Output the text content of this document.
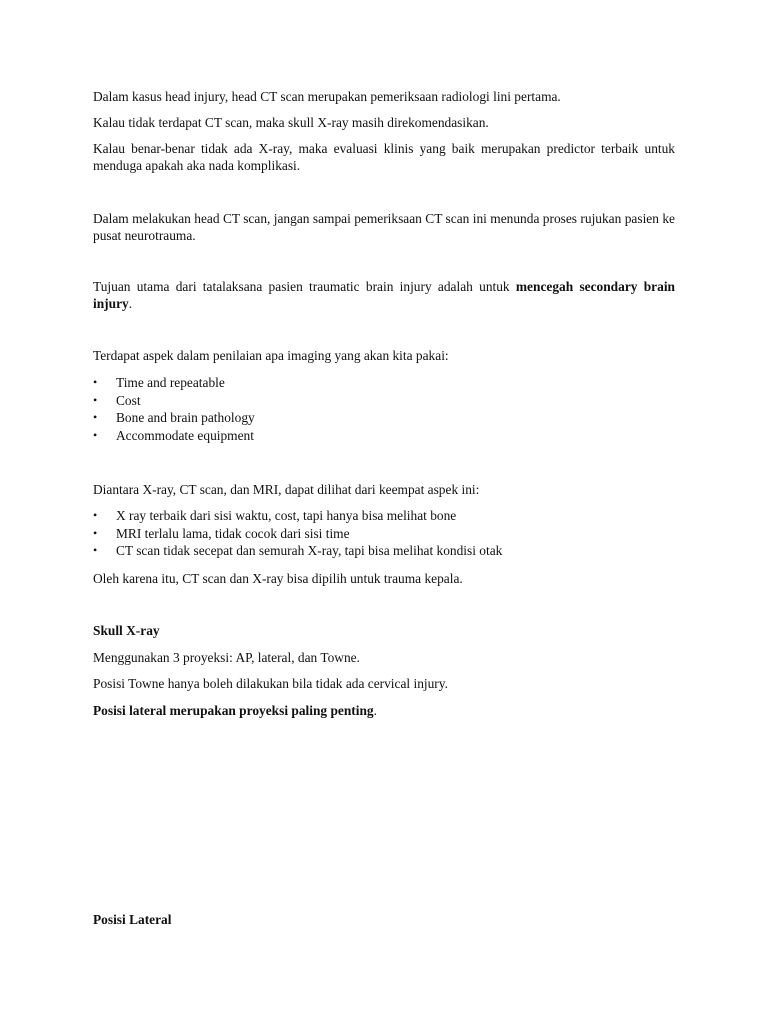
Dalam kasus head injury, head CT scan merupakan pemeriksaan radiologi lini pertama.

Kalau tidak terdapat CT scan, maka skull X-ray masih direkomendasikan.

Kalau benar-benar tidak ada X-ray, maka evaluasi klinis yang baik merupakan predictor terbaik untuk menduga apakah aka nada komplikasi.

Dalam melakukan head CT scan, jangan sampai pemeriksaan CT scan ini menunda proses rujukan pasien ke pusat neurotrauma.

Tujuan utama dari tatalaksana pasien traumatic brain injury adalah untuk mencegah secondary brain injury.

Terdapat aspek dalam penilaian apa imaging yang akan kita pakai:

• Time and repeatable
• Cost
• Bone and brain pathology
• Accommodate equipment

Diantara X-ray, CT scan, dan MRI, dapat dilihat dari keempat aspek ini:

• X ray terbaik dari sisi waktu, cost, tapi hanya bisa melihat bone
• MRI terlalu lama, tidak cocok dari sisi time
• CT scan tidak secepat dan semurah X-ray, tapi bisa melihat kondisi otak

Oleh karena itu, CT scan dan X-ray bisa dipilih untuk trauma kepala.

Skull X-ray

Menggunakan 3 proyeksi: AP, lateral, dan Towne.

Posisi Towne hanya boleh dilakukan bila tidak ada cervical injury.

Posisi lateral merupakan proyeksi paling penting.

Posisi Lateral
